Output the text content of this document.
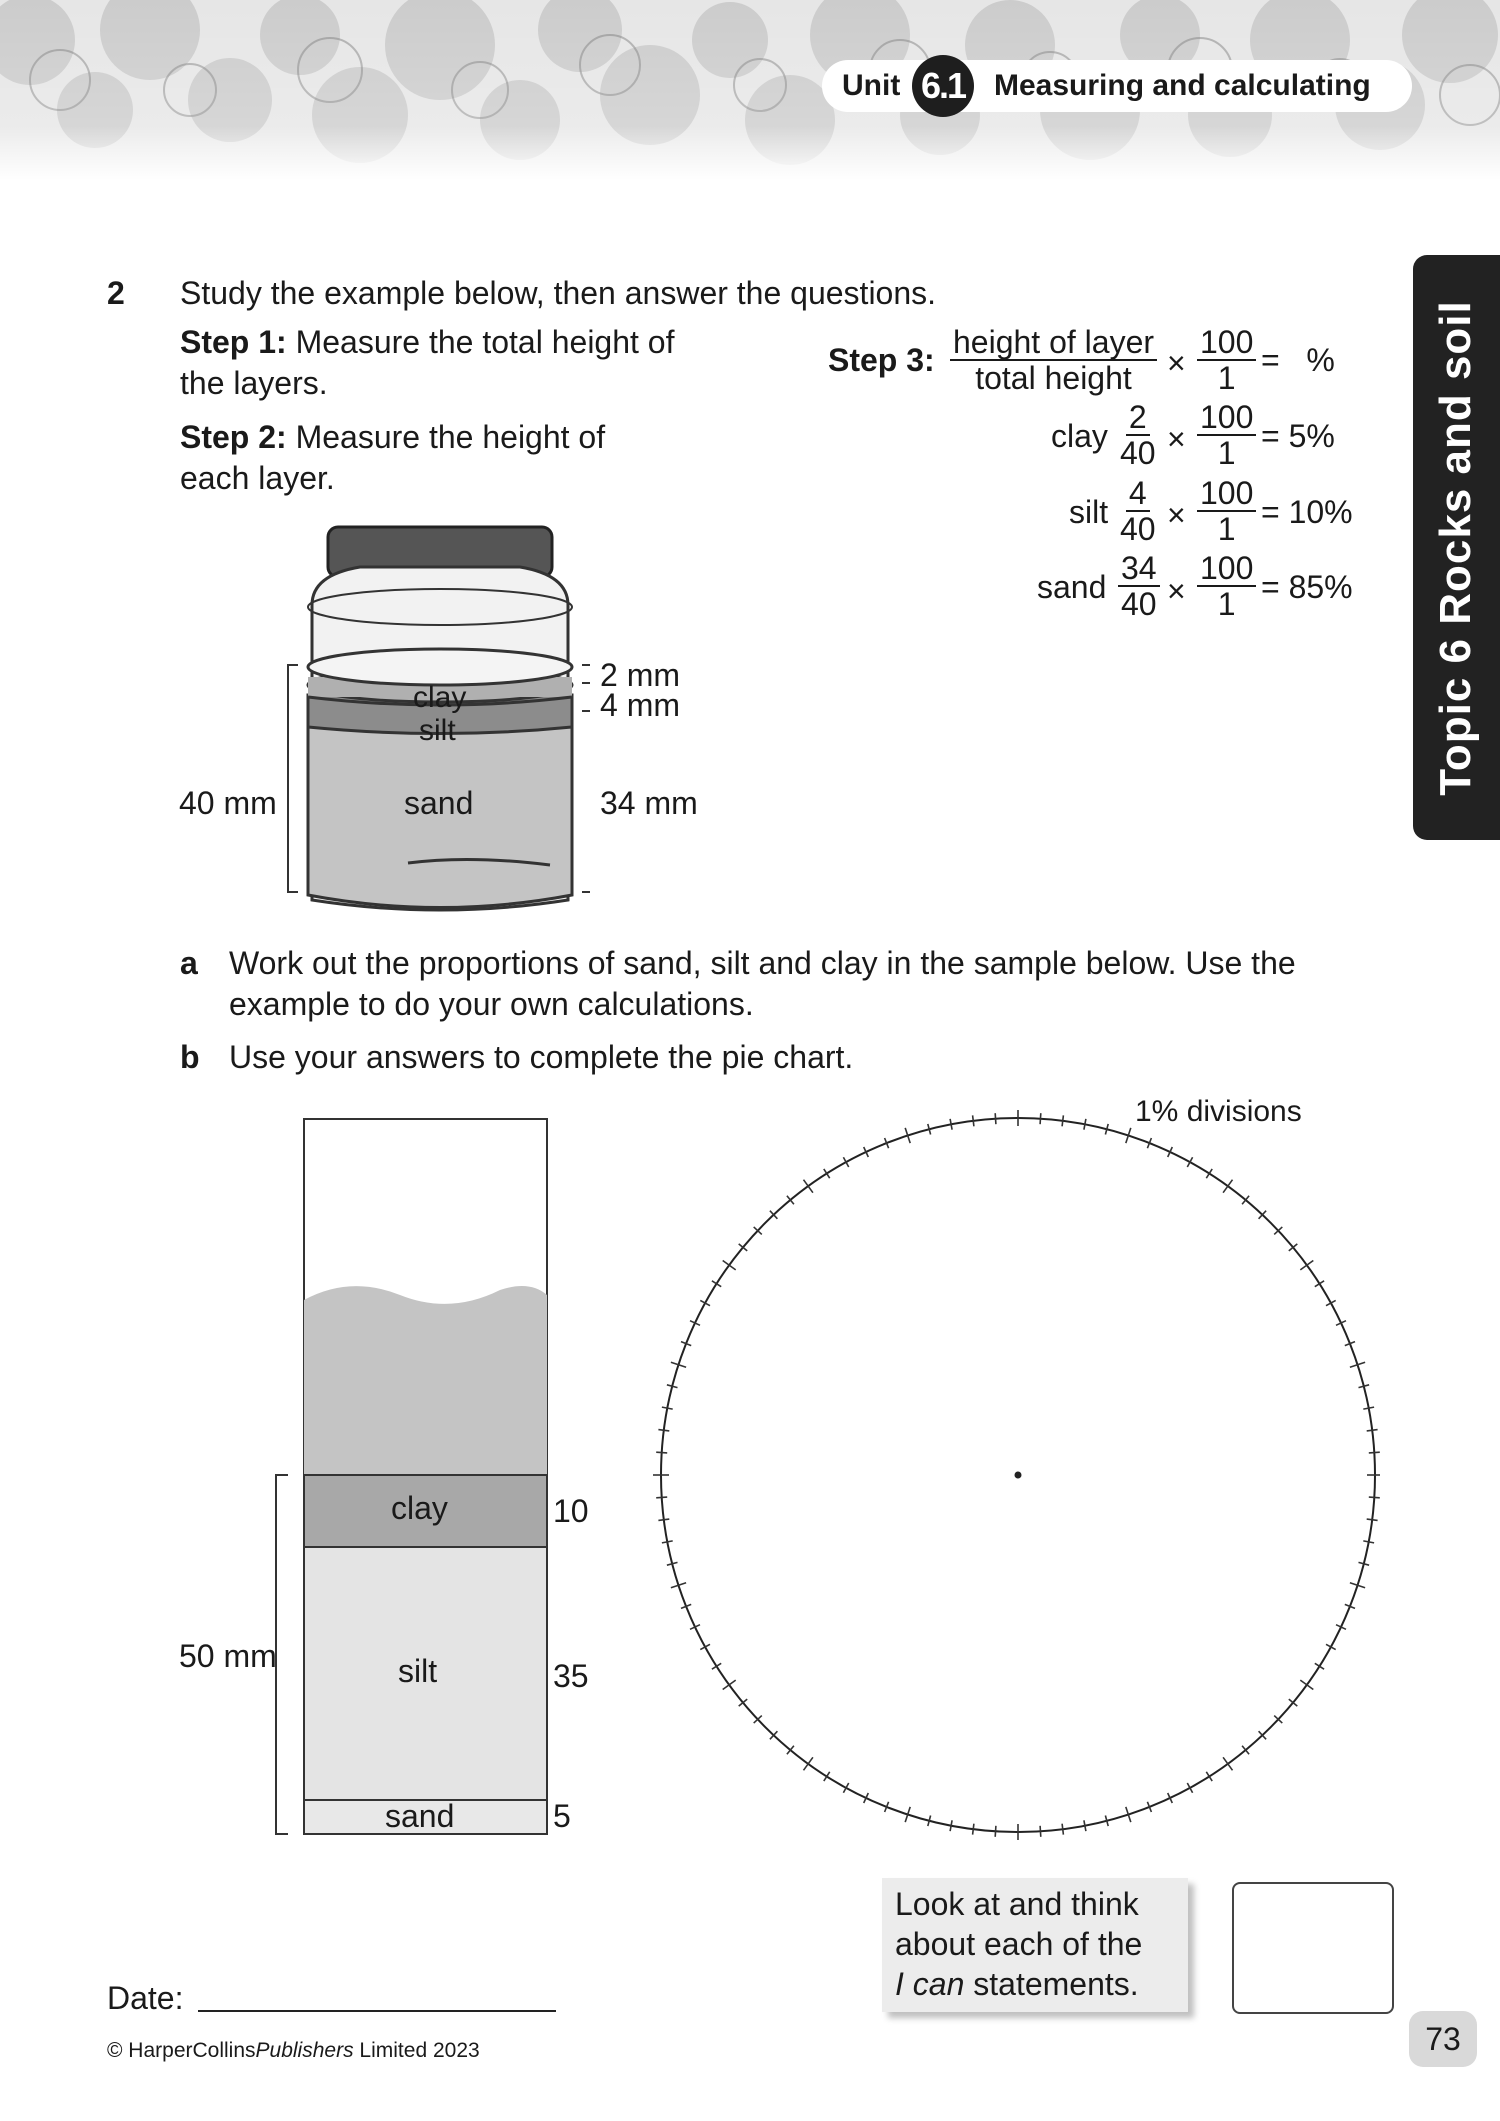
Unit	Measuring and calculating
6.1
Topic 6 Rocks and soil
2 Study the example below, then answer the questions.
Step 1: Measure the total height of
the layers.
Step 2: Measure the height of
each layer.
Step 3: height of layer
total height × $\frac{100}{1}$ =   %
clay $\frac{2}{40} \times \frac{100}{1} = 5\%$
silt $\frac{4}{40} \times \frac{100}{1} = 10\%$
sand $\frac{34}{40} \times \frac{100}{1} = 85\%$
clay
silt
sand
40 mm
2 mm
4 mm
34 mm
a Work out the proportions of sand, silt and clay in the sample below. Use the
example to do your own calculations.
b Use your answers to complete the pie chart.
clay
silt
sand
50 mm
10
35
5
1% divisions
Look at and think
about each of the
I can statements.
Date:
© HarperCollinsPublishers Limited 2023	73
